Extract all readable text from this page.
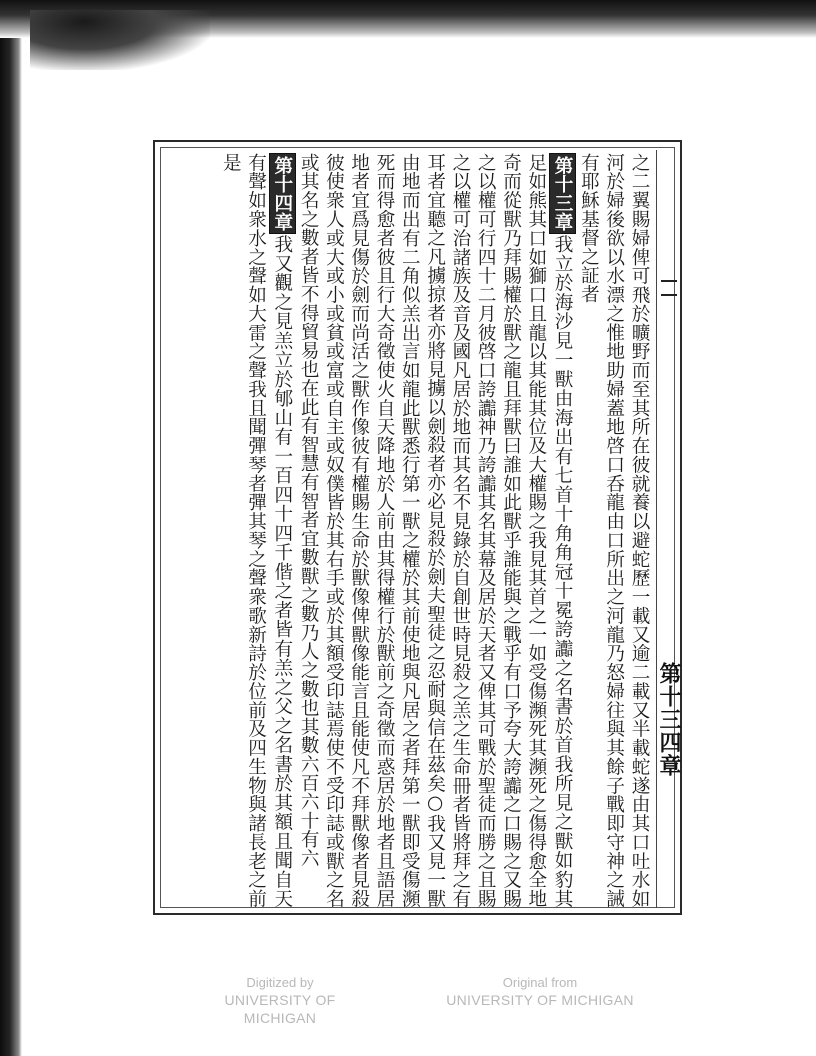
第十三四章

之二翼賜婦俾可飛於曠野而至其所在彼就養以避蛇歷一載又逾二載又半載蛇遂由其口吐水如河於婦後欲以水漂之惟地助婦蓋地啓口呑龍由口所出之河龍乃怒婦往與其餘子戰即守神之誡有耶穌基督之証者

第十三章我立於海沙見一獸由海出有七首十角角冠十冕誇讟之名書於首我所見之獸如豹其足如熊其口如獅口且龍以其能其位及大權賜之我見其首之一如受傷瀕死其瀕死之傷得愈全地奇而從獸乃拜賜權於獸之龍且拜獸曰誰如此獸乎誰能與之戰乎有口予夸大誇讟之口賜之又賜之以權可行四十二月彼啓口誇讟神乃誇讟其名其幕及居於天者又俾其可戰於聖徒而勝之且賜之以權可治諸族及音及國凡居於地而其名不見錄於自創世時見殺之羔之生命冊者皆將拜之有耳者宜聽之凡擄掠者亦將見擄以劍殺者亦必見殺於劍夫聖徒之忍耐與信在茲矣○我又見一獸由地而出有二角似羔出言如龍此獸悉行第一獸之權於其前使地與凡居之者拜第一獸即受傷瀕死而得愈者彼且行大奇徵使火自天降地於人前由其得權行於獸前之奇徵而惑居於地者且語居地者宜爲見傷於劍而尚活之獸作像彼有權賜生命於獸像俾獸像能言且能使凡不拜獸像者見殺彼使衆人或大或小或貧或富或自主或奴僕皆於其右手或於其額受印誌焉使不受印誌或獸之名或其名之數者皆不得貿易也在此有智慧有智者宜數獸之數乃人之數也其數六百六十有六

第十四章我又觀之見羔立於郇山有一百四十四千偕之者皆有羔之父之名書於其額且聞自天有聲如衆水之聲如大雷之聲我且聞彈琴者彈其琴之聲衆歌新詩於位前及四生物與諸長老之前是

Digitized by
UNIVERSITY OF MICHIGAN
Original from
UNIVERSITY OF MICHIGAN
